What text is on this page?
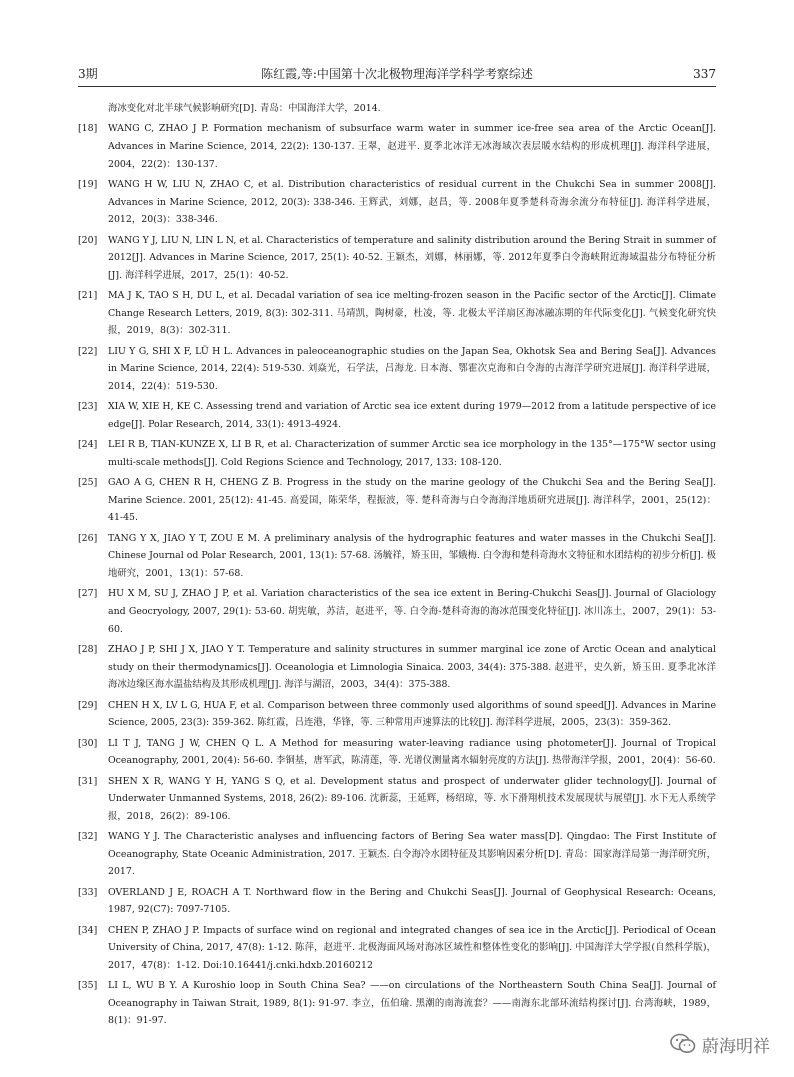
3期	陈红霞,等:中国第十次北极物理海洋学科学考察综述	337
海冰变化对北半球气候影响研究[D]. 青岛：中国海洋大学，2014.
[18] WANG C, ZHAO J P. Formation mechanism of subsurface warm water in summer ice-free sea area of the Arctic Ocean[J]. Advances in Marine Science, 2014, 22(2): 130-137. 王翠，赵进平. 夏季北冰洋无冰海域次表层暖水结构的形成机理[J]. 海洋科学进展，2004，22(2)：130-137.
[19] WANG H W, LIU N, ZHAO C, et al. Distribution characteristics of residual current in the Chukchi Sea in summer 2008[J]. Advances in Marine Science, 2012, 20(3): 338-346. 王辉武，刘娜，赵昌，等. 2008年夏季楚科奇海余流分布特征[J]. 海洋科学进展，2012，20(3)：338-346.
[20] WANG Y J, LIU N, LIN L N, et al. Characteristics of temperature and salinity distribution around the Bering Strait in summer of 2012[J]. Advances in Marine Science, 2017, 25(1): 40-52. 王颖杰，刘娜，林丽娜，等. 2012年夏季白令海峡附近海域温盐分布特征分析[J]. 海洋科学进展，2017，25(1)：40-52.
[21] MA J K, TAO S H, DU L, et al. Decadal variation of sea ice melting-frozen season in the Pacific sector of the Arctic[J]. Climate Change Research Letters, 2019, 8(3): 302-311. 马靖凯，陶树豪，杜凌，等. 北极太平洋扇区海冰融冻期的年代际变化[J]. 气候变化研究快报，2019，8(3)：302-311.
[22] LIU Y G, SHI X F, LÜ H L. Advances in paleoceanographic studies on the Japan Sea, Okhotsk Sea and Bering Sea[J]. Advances in Marine Science, 2014, 22(4): 519-530. 刘焱光，石学法，吕海龙. 日本海、鄂霍次克海和白令海的古海洋学研究进展[J]. 海洋科学进展，2014，22(4)：519-530.
[23] XIA W, XIE H, KE C. Assessing trend and variation of Arctic sea ice extent during 1979—2012 from a latitude perspective of ice edge[J]. Polar Research, 2014, 33(1): 4913-4924.
[24] LEI R B, TIAN-KUNZE X, LI B R, et al. Characterization of summer Arctic sea ice morphology in the 135°—175°W sector using multi-scale methods[J]. Cold Regions Science and Technology, 2017, 133: 108-120.
[25] GAO A G, CHEN R H, CHENG Z B. Progress in the study on the marine geology of the Chukchi Sea and the Bering Sea[J]. Marine Science. 2001, 25(12): 41-45. 高爱国，陈荣华，程振波，等. 楚科奇海与白令海海洋地质研究进展[J]. 海洋科学，2001，25(12)：41-45.
[26] TANG Y X, JIAO Y T, ZOU E M. A preliminary analysis of the hydrographic features and water masses in the Chukchi Sea[J]. Chinese Journal od Polar Research, 2001, 13(1): 57-68. 汤毓祥，矫玉田，邹娥梅. 白令海和楚科奇海水文特征和水团结构的初步分析[J]. 极地研究，2001，13(1)：57-68.
[27] HU X M, SU J, ZHAO J P, et al. Variation characteristics of the sea ice extent in Bering-Chukchi Seas[J]. Journal of Glaciology and Geocryology, 2007, 29(1): 53-60. 胡宪敏，苏洁，赵进平，等. 白令海-楚科奇海的海冰范围变化特征[J]. 冰川冻土，2007，29(1)：53-60.
[28] ZHAO J P, SHI J X, JIAO Y T. Temperature and salinity structures in summer marginal ice zone of Arctic Ocean and analytical study on their thermodynamics[J]. Oceanologia et Limnologia Sinaica. 2003, 34(4): 375-388. 赵进平，史久新，矫玉田. 夏季北冰洋海冰边缘区海水温盐结构及其形成机理[J]. 海洋与湖沼，2003，34(4)：375-388.
[29] CHEN H X, LV L G, HUA F, et al. Comparison between three commonly used algorithms of sound speed[J]. Advances in Marine Science, 2005, 23(3): 359-362. 陈红霞，吕连港，华锋，等. 三种常用声速算法的比较[J]. 海洋科学进展，2005，23(3)：359-362.
[30] LI T J, TANG J W, CHEN Q L. A Method for measuring water-leaving radiance using photometer[J]. Journal of Tropical Oceanography, 2001, 20(4): 56-60. 李铜基，唐军武，陈清莲，等. 光谱仪测量离水辐射亮度的方法[J]. 热带海洋学报，2001，20(4)：56-60.
[31] SHEN X R, WANG Y H, YANG S Q, et al. Development status and prospect of underwater glider technology[J]. Journal of Underwater Unmanned Systems, 2018, 26(2): 89-106. 沈新蕊，王延辉，杨绍琼，等. 水下滑翔机技术发展现状与展望[J]. 水下无人系统学报，2018，26(2)：89-106.
[32] WANG Y J. The Characteristic analyses and influencing factors of Bering Sea water mass[D]. Qingdao: The First Institute of Oceanography, State Oceanic Administration, 2017. 王颖杰. 白令海冷水团特征及其影响因素分析[D]. 青岛：国家海洋局第一海洋研究所，2017.
[33] OVERLAND J E, ROACH A T. Northward flow in the Bering and Chukchi Seas[J]. Journal of Geophysical Research: Oceans, 1987, 92(C7): 7097-7105.
[34] CHEN P, ZHAO J P. Impacts of surface wind on regional and integrated changes of sea ice in the Arctic[J]. Periodical of Ocean University of China, 2017, 47(8): 1-12. 陈萍，赵进平. 北极海面风场对海冰区域性和整体性变化的影响[J]. 中国海洋大学学报(自然科学版)，2017，47(8)：1-12. Doi:10.16441/j.cnki.hdxb.20160212
[35] LI L, WU B Y. A Kuroshio loop in South China Sea? ——on circulations of the Northeastern South China Sea[J]. Journal of Oceanography in Taiwan Strait, 1989, 8(1): 91-97. 李立，伍伯瑜. 黑潮的南海流套？——南海东北部环流结构探讨[J]. 台湾海峡，1989，8(1)：91-97.
蔚海明祥
